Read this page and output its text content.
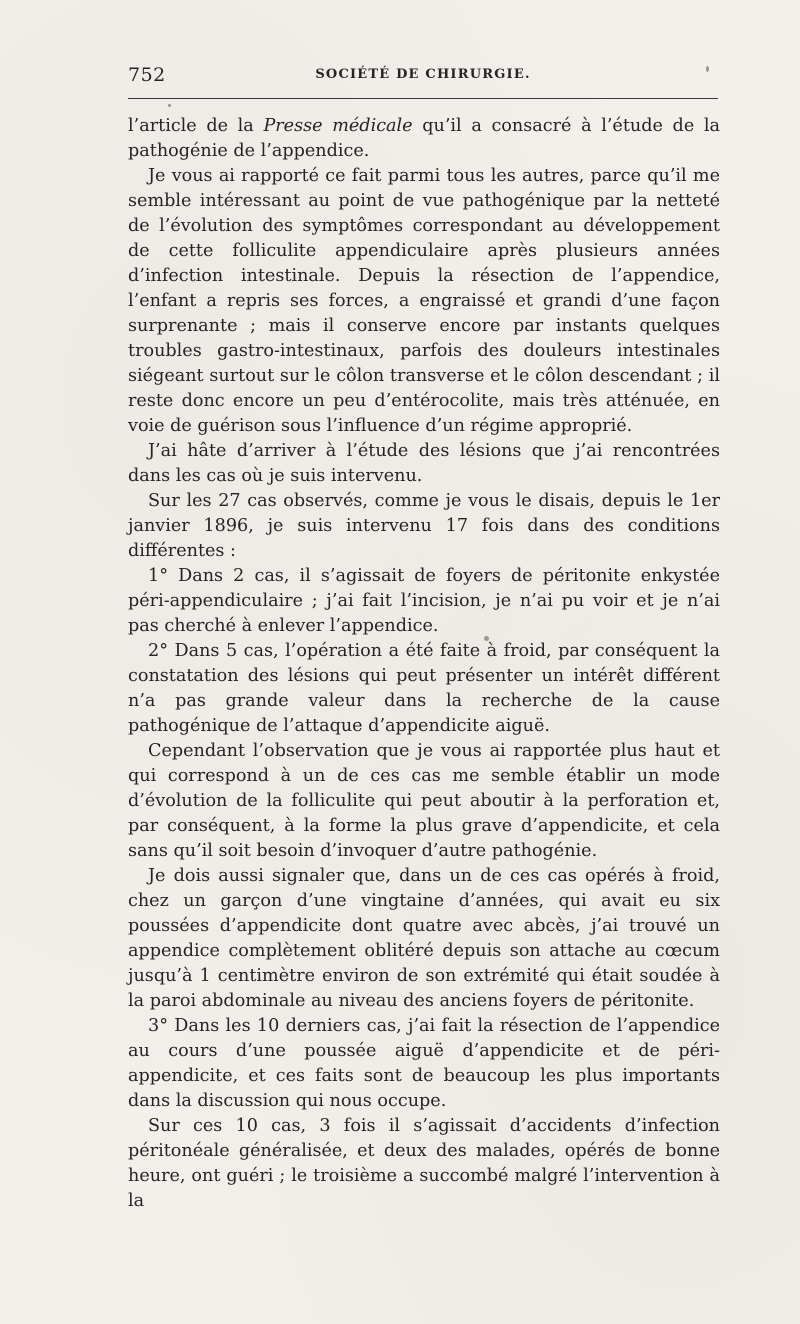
752	SOCIÉTÉ DE CHIRURGIE.

l’article de la Presse médicale qu’il a consacré à l’étude de la pathogénie de l’appendice.

Je vous ai rapporté ce fait parmi tous les autres, parce qu’il me semble intéressant au point de vue pathogénique par la netteté de l’évolution des symptômes correspondant au développement de cette folliculite appendiculaire après plusieurs années d’infection intestinale. Depuis la résection de l’appendice, l’enfant a repris ses forces, a engraissé et grandi d’une façon surprenante ; mais il conserve encore par instants quelques troubles gastro-intestinaux, parfois des douleurs intestinales siégeant surtout sur le côlon transverse et le côlon descendant ; il reste donc encore un peu d’entérocolite, mais très atténuée, en voie de guérison sous l’influence d’un régime approprié.

J’ai hâte d’arriver à l’étude des lésions que j’ai rencontrées dans les cas où je suis intervenu.

Sur les 27 cas observés, comme je vous le disais, depuis le 1er janvier 1896, je suis intervenu 17 fois dans des conditions différentes :

1° Dans 2 cas, il s’agissait de foyers de péritonite enkystée péri-appendiculaire ; j’ai fait l’incision, je n’ai pu voir et je n’ai pas cherché à enlever l’appendice.

2° Dans 5 cas, l’opération a été faite à froid, par conséquent la constatation des lésions qui peut présenter un intérêt différent n’a pas grande valeur dans la recherche de la cause pathogénique de l’attaque d’appendicite aiguë.

Cependant l’observation que je vous ai rapportée plus haut et qui correspond à un de ces cas me semble établir un mode d’évolution de la folliculite qui peut aboutir à la perforation et, par conséquent, à la forme la plus grave d’appendicite, et cela sans qu’il soit besoin d’invoquer d’autre pathogénie.

Je dois aussi signaler que, dans un de ces cas opérés à froid, chez un garçon d’une vingtaine d’années, qui avait eu six poussées d’appendicite dont quatre avec abcès, j’ai trouvé un appendice complètement oblitéré depuis son attache au cœcum jusqu’à 1 centimètre environ de son extrémité qui était soudée à la paroi abdominale au niveau des anciens foyers de péritonite.

3° Dans les 10 derniers cas, j’ai fait la résection de l’appendice au cours d’une poussée aiguë d’appendicite et de péri-appendicite, et ces faits sont de beaucoup les plus importants dans la discussion qui nous occupe.

Sur ces 10 cas, 3 fois il s’agissait d’accidents d’infection péritonéale généralisée, et deux des malades, opérés de bonne heure, ont guéri ; le troisième a succombé malgré l’intervention à la
